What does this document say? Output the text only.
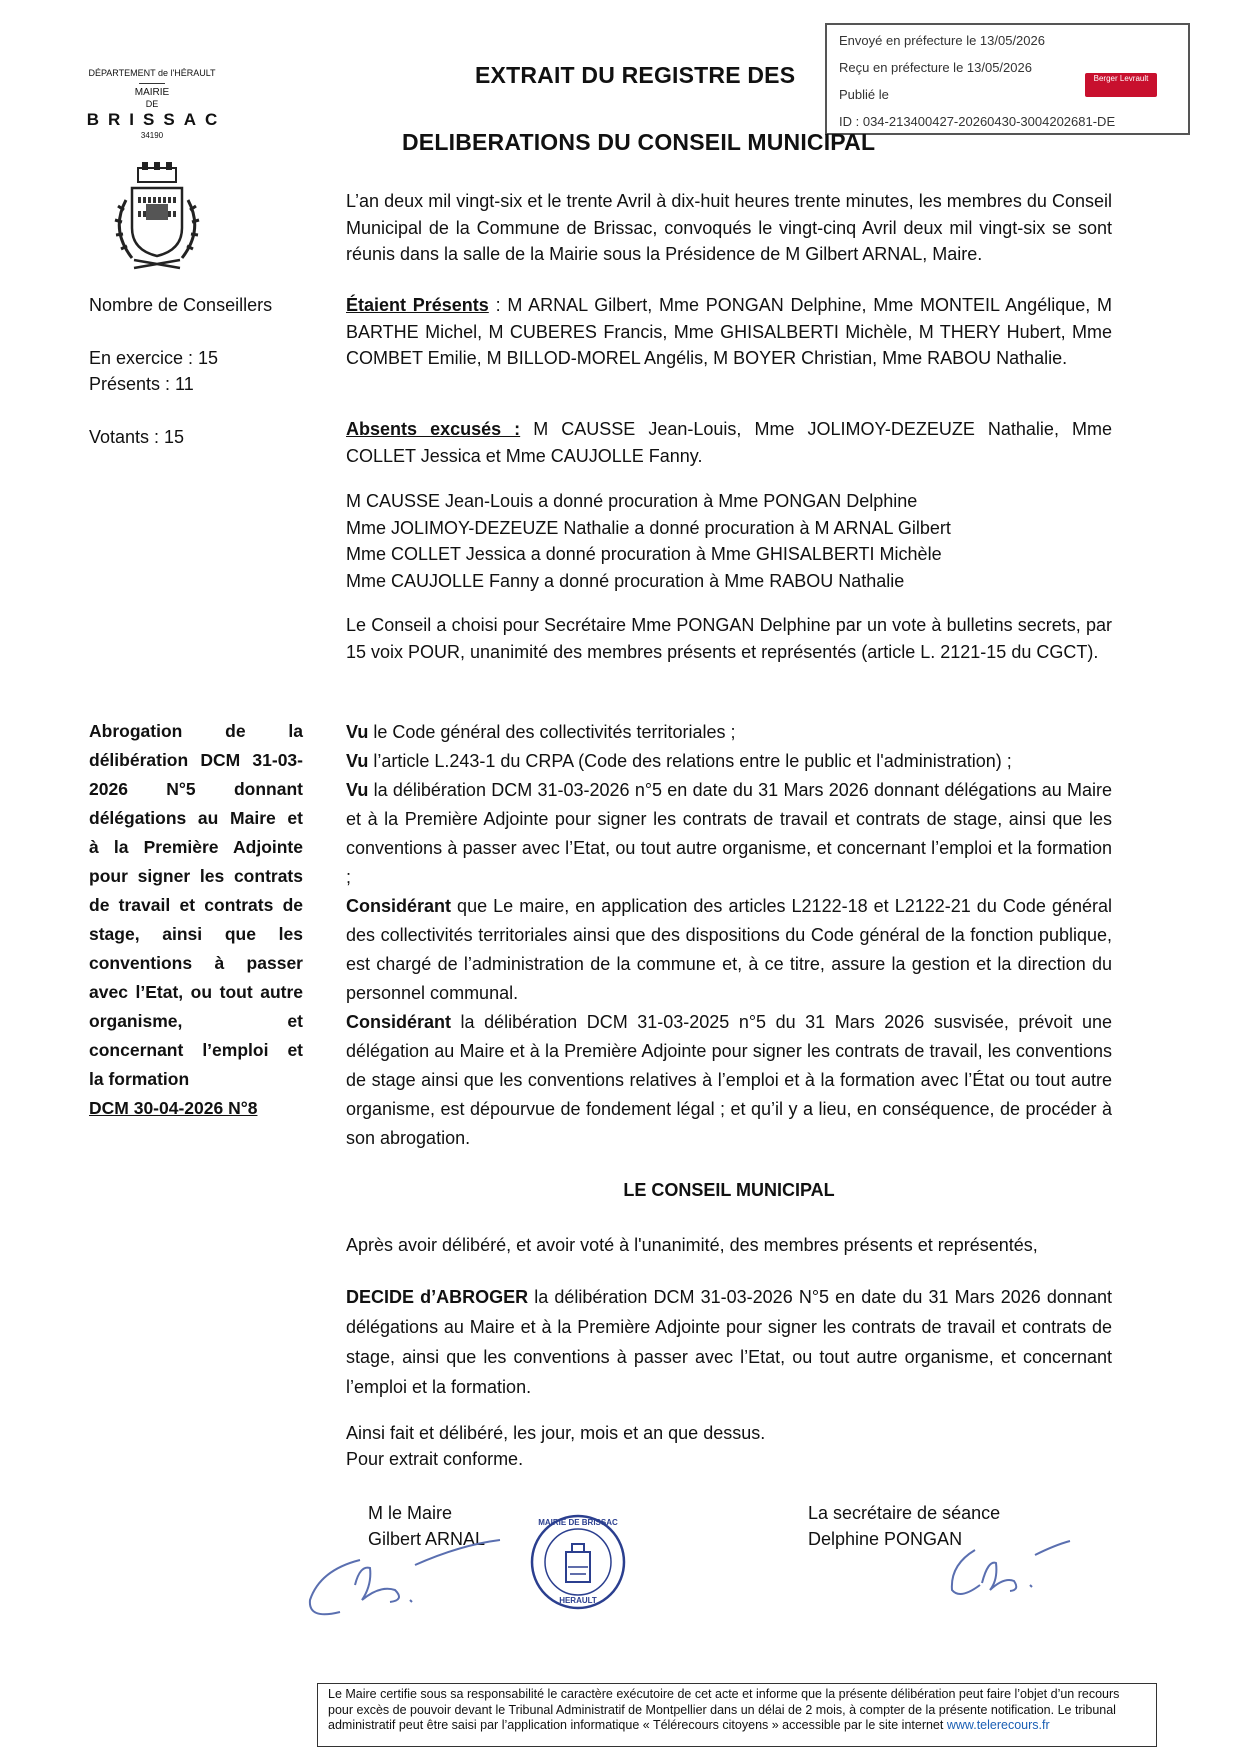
Envoyé en préfecture le 13/05/2026
Reçu en préfecture le 13/05/2026
Publié le
ID : 034-213400427-20260430-3004202681-DE
Berger Levrault
DÉPARTEMENT de l'HÉRAULT
MAIRIE
DE
BRISSAC
34190
EXTRAIT DU REGISTRE DES
DELIBERATIONS DU CONSEIL MUNICIPAL
L’an deux mil vingt-six et le trente Avril à dix-huit heures trente minutes, les membres du Conseil Municipal de la Commune de Brissac, convoqués le vingt-cinq Avril deux mil vingt-six se sont réunis dans la salle de la Mairie sous la Présidence de M Gilbert ARNAL, Maire.
Nombre de Conseillers
En exercice : 15
Présents : 11
Votants : 15
Étaient Présents : M ARNAL Gilbert, Mme PONGAN Delphine, Mme MONTEIL Angélique, M BARTHE Michel, M CUBERES Francis, Mme GHISALBERTI Michèle, M THERY Hubert, Mme COMBET Emilie, M BILLOD-MOREL Angélis, M BOYER Christian, Mme RABOU Nathalie.
Absents excusés : M CAUSSE Jean-Louis, Mme JOLIMOY-DEZEUZE Nathalie, Mme COLLET Jessica et Mme CAUJOLLE Fanny.
M CAUSSE Jean-Louis a donné procuration à Mme PONGAN Delphine
Mme JOLIMOY-DEZEUZE Nathalie a donné procuration à M ARNAL Gilbert
Mme COLLET Jessica a donné procuration à Mme GHISALBERTI Michèle
Mme CAUJOLLE Fanny a donné procuration à Mme RABOU Nathalie
Le Conseil a choisi pour Secrétaire Mme PONGAN Delphine par un vote à bulletins secrets, par 15 voix POUR, unanimité des membres présents et représentés (article L. 2121-15 du CGCT).
Abrogation de la
délibération DCM 31-03-
2026 N°5 donnant
délégations au Maire et
à la Première Adjointe
pour signer les contrats
de travail et contrats de
stage, ainsi que les
conventions à passer
avec l’Etat, ou tout autre
organisme, et
concernant l’emploi et
la formation
DCM 30-04-2026 N°8
Vu le Code général des collectivités territoriales ;
Vu l’article L.243-1 du CRPA (Code des relations entre le public et l'administration) ;
Vu la délibération DCM 31-03-2026 n°5 en date du 31 Mars 2026 donnant délégations au Maire et à la Première Adjointe pour signer les contrats de travail et contrats de stage, ainsi que les conventions à passer avec l’Etat, ou tout autre organisme, et concernant l’emploi et la formation ;
Considérant que Le maire, en application des articles L2122-18 et L2122-21 du Code général des collectivités territoriales ainsi que des dispositions du Code général de la fonction publique, est chargé de l’administration de la commune et, à ce titre, assure la gestion et la direction du personnel communal.
Considérant la délibération DCM 31-03-2025 n°5 du 31 Mars 2026 susvisée, prévoit une délégation au Maire et à la Première Adjointe pour signer les contrats de travail, les conventions de stage ainsi que les conventions relatives à l’emploi et à la formation avec l’État ou tout autre organisme, est dépourvue de fondement légal ; et qu’il y a lieu, en conséquence, de procéder à son abrogation.
LE CONSEIL MUNICIPAL
Après avoir délibéré, et avoir voté à l'unanimité, des membres présents et représentés,
DECIDE d’ABROGER la délibération DCM 31-03-2026 N°5 en date du 31 Mars 2026 donnant délégations au Maire et à la Première Adjointe pour signer les contrats de travail et contrats de stage, ainsi que les conventions à passer avec l’Etat, ou tout autre organisme, et concernant l’emploi et la formation.
Ainsi fait et délibéré, les jour, mois et an que dessus.
Pour extrait conforme.
M le Maire
Gilbert ARNAL
La secrétaire de séance
Delphine PONGAN
MAIRIE DE BRISSAC
HERAULT
Le Maire certifie sous sa responsabilité le caractère exécutoire de cet acte et informe que la présente délibération peut faire l’objet d’un recours pour excès de pouvoir devant le Tribunal Administratif de Montpellier dans un délai de 2 mois, à compter de la présente notification. Le tribunal administratif peut être saisi par l’application informatique « Télérecours citoyens » accessible par le site internet www.telerecours.fr
